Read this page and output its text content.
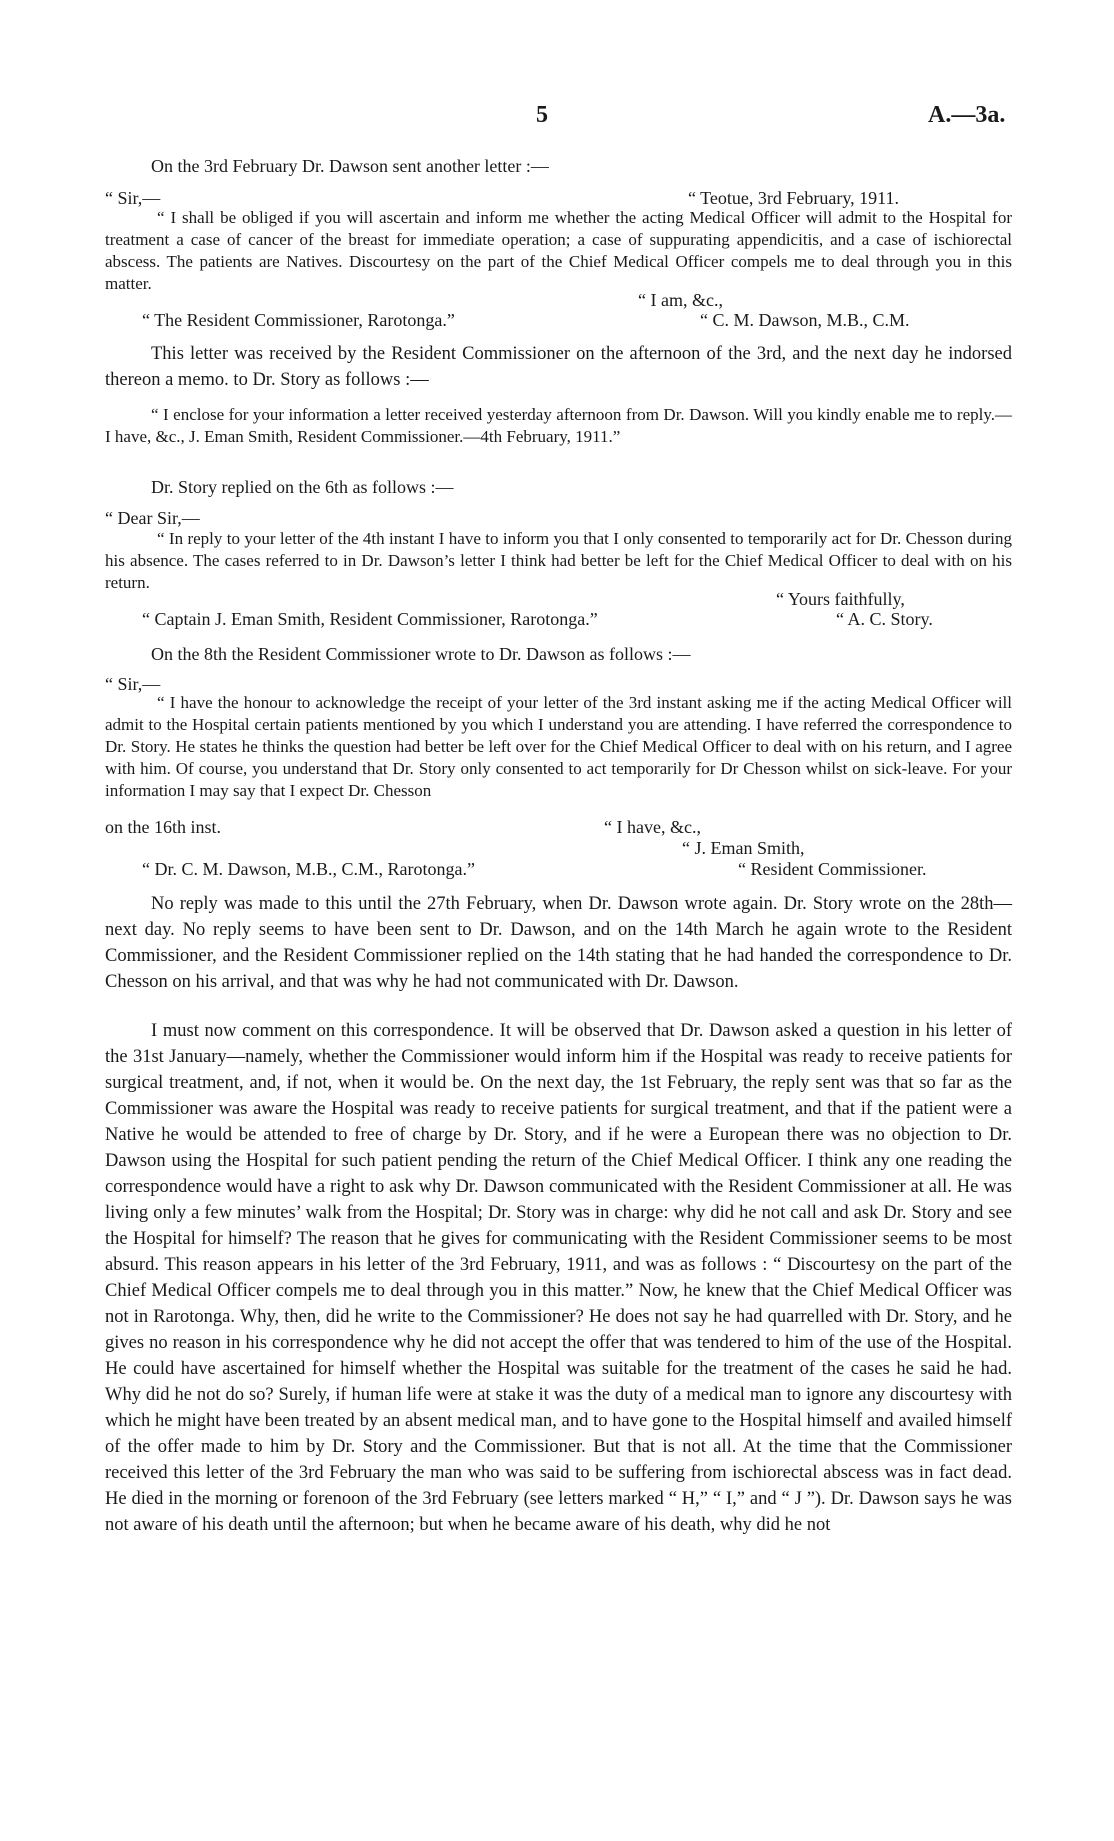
5	A.—3a.
On the 3rd February Dr. Dawson sent another letter :—
“ Sir,—	“ Teotue, 3rd February, 1911.

“ I shall be obliged if you will ascertain and inform me whether the acting Medical Officer will admit to the Hospital for treatment a case of cancer of the breast for immediate operation; a case of suppurating appendicitis, and a case of ischiorectal abscess. The patients are Natives. Discourtesy on the part of the Chief Medical Officer compels me to deal through you in this matter.

“ I am, &c.,
“ The Resident Commissioner, Rarotonga.”	“ C. M. Dawson, M.B., C.M.

This letter was received by the Resident Commissioner on the afternoon of the 3rd, and the next day he indorsed thereon a memo. to Dr. Story as follows :—

“ I enclose for your information a letter received yesterday afternoon from Dr. Dawson. Will you kindly enable me to reply.—I have, &c., J. Eman Smith, Resident Commissioner.—4th February, 1911.”

Dr. Story replied on the 6th as follows :—
“ Dear Sir,—

“ In reply to your letter of the 4th instant I have to inform you that I only consented to temporarily act for Dr. Chesson during his absence. The cases referred to in Dr. Dawson’s letter I think had better be left for the Chief Medical Officer to deal with on his return.

“ Yours faithfully,
“ Captain J. Eman Smith, Resident Commissioner, Rarotonga.”	“ A. C. Story.
On the 8th the Resident Commissioner wrote to Dr. Dawson as follows :—
“ Sir,—

“ I have the honour to acknowledge the receipt of your letter of the 3rd instant asking me if the acting Medical Officer will admit to the Hospital certain patients mentioned by you which I understand you are attending. I have referred the correspondence to Dr. Story. He states he thinks the question had better be left over for the Chief Medical Officer to deal with on his return, and I agree with him. Of course, you understand that Dr. Story only consented to act temporarily for Dr Chesson whilst on sick-leave. For your information I may say that I expect Dr. Chesson

on the 16th inst.	“ I have, &c.,
“ J. Eman Smith,
“ Dr. C. M. Dawson, M.B., C.M., Rarotonga.”	“ Resident Commissioner.

No reply was made to this until the 27th February, when Dr. Dawson wrote again. Dr. Story wrote on the 28th—next day. No reply seems to have been sent to Dr. Dawson, and on the 14th March he again wrote to the Resident Commissioner, and the Resident Commissioner replied on the 14th stating that he had handed the correspondence to Dr. Chesson on his arrival, and that was why he had not communicated with Dr. Dawson.

I must now comment on this correspondence. It will be observed that Dr. Dawson asked a question in his letter of the 31st January—namely, whether the Commissioner would inform him if the Hospital was ready to receive patients for surgical treatment, and, if not, when it would be. On the next day, the 1st February, the reply sent was that so far as the Commissioner was aware the Hospital was ready to receive patients for surgical treatment, and that if the patient were a Native he would be attended to free of charge by Dr. Story, and if he were a European there was no objection to Dr. Dawson using the Hospital for such patient pending the return of the Chief Medical Officer. I think any one reading the correspondence would have a right to ask why Dr. Dawson communicated with the Resident Commissioner at all. He was living only a few minutes’ walk from the Hospital; Dr. Story was in charge: why did he not call and ask Dr. Story and see the Hospital for himself? The reason that he gives for communicating with the Resident Commissioner seems to be most absurd. This reason appears in his letter of the 3rd February, 1911, and was as follows : “ Discourtesy on the part of the Chief Medical Officer compels me to deal through you in this matter.” Now, he knew that the Chief Medical Officer was not in Rarotonga. Why, then, did he write to the Commissioner? He does not say he had quarrelled with Dr. Story, and he gives no reason in his correspondence why he did not accept the offer that was tendered to him of the use of the Hospital. He could have ascertained for himself whether the Hospital was suitable for the treatment of the cases he said he had. Why did he not do so? Surely, if human life were at stake it was the duty of a medical man to ignore any discourtesy with which he might have been treated by an absent medical man, and to have gone to the Hospital himself and availed himself of the offer made to him by Dr. Story and the Commissioner. But that is not all. At the time that the Commissioner received this letter of the 3rd February the man who was said to be suffering from ischiorectal abscess was in fact dead. He died in the morning or forenoon of the 3rd February (see letters marked “ H,” “ I,” and “ J ”). Dr. Dawson says he was not aware of his death until the afternoon; but when he became aware of his death, why did he not
